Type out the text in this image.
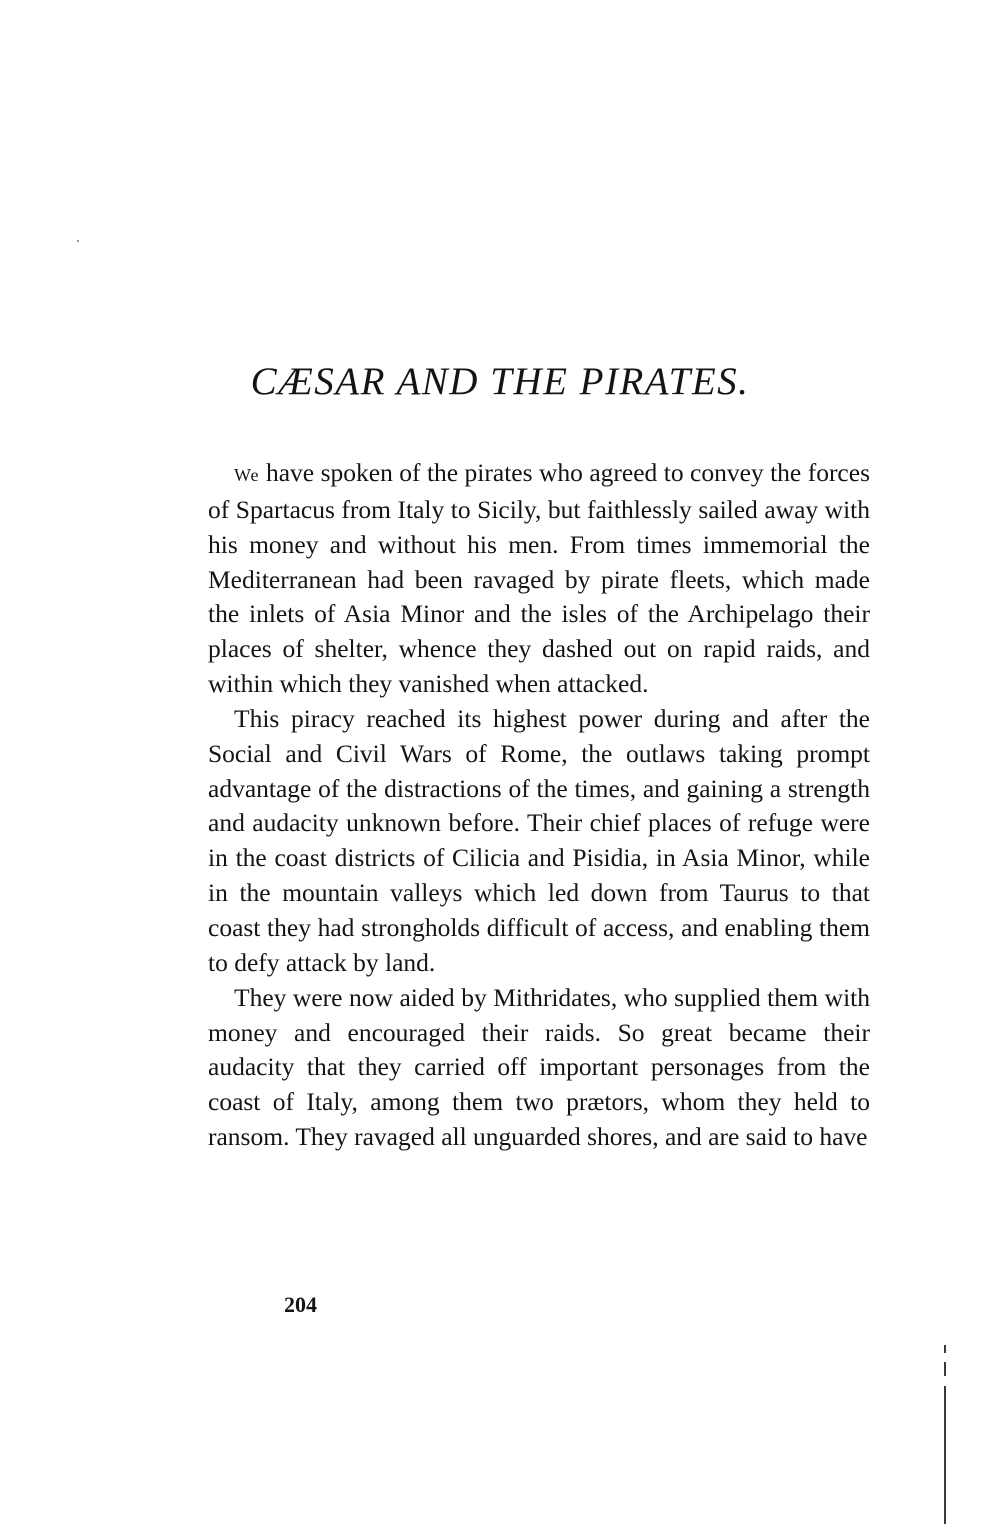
CÆSAR AND THE PIRATES.

We have spoken of the pirates who agreed to convey the forces of Spartacus from Italy to Sicily, but faithlessly sailed away with his money and without his men. From times immemorial the Mediterranean had been ravaged by pirate fleets, which made the inlets of Asia Minor and the isles of the Archipelago their places of shelter, whence they dashed out on rapid raids, and within which they vanished when attacked.

This piracy reached its highest power during and after the Social and Civil Wars of Rome, the outlaws taking prompt advantage of the distractions of the times, and gaining a strength and audacity unknown before. Their chief places of refuge were in the coast districts of Cilicia and Pisidia, in Asia Minor, while in the mountain valleys which led down from Taurus to that coast they had strongholds difficult of access, and enabling them to defy attack by land.

They were now aided by Mithridates, who supplied them with money and encouraged their raids. So great became their audacity that they carried off important personages from the coast of Italy, among them two prætors, whom they held to ransom. They ravaged all unguarded shores, and are said to have

204
